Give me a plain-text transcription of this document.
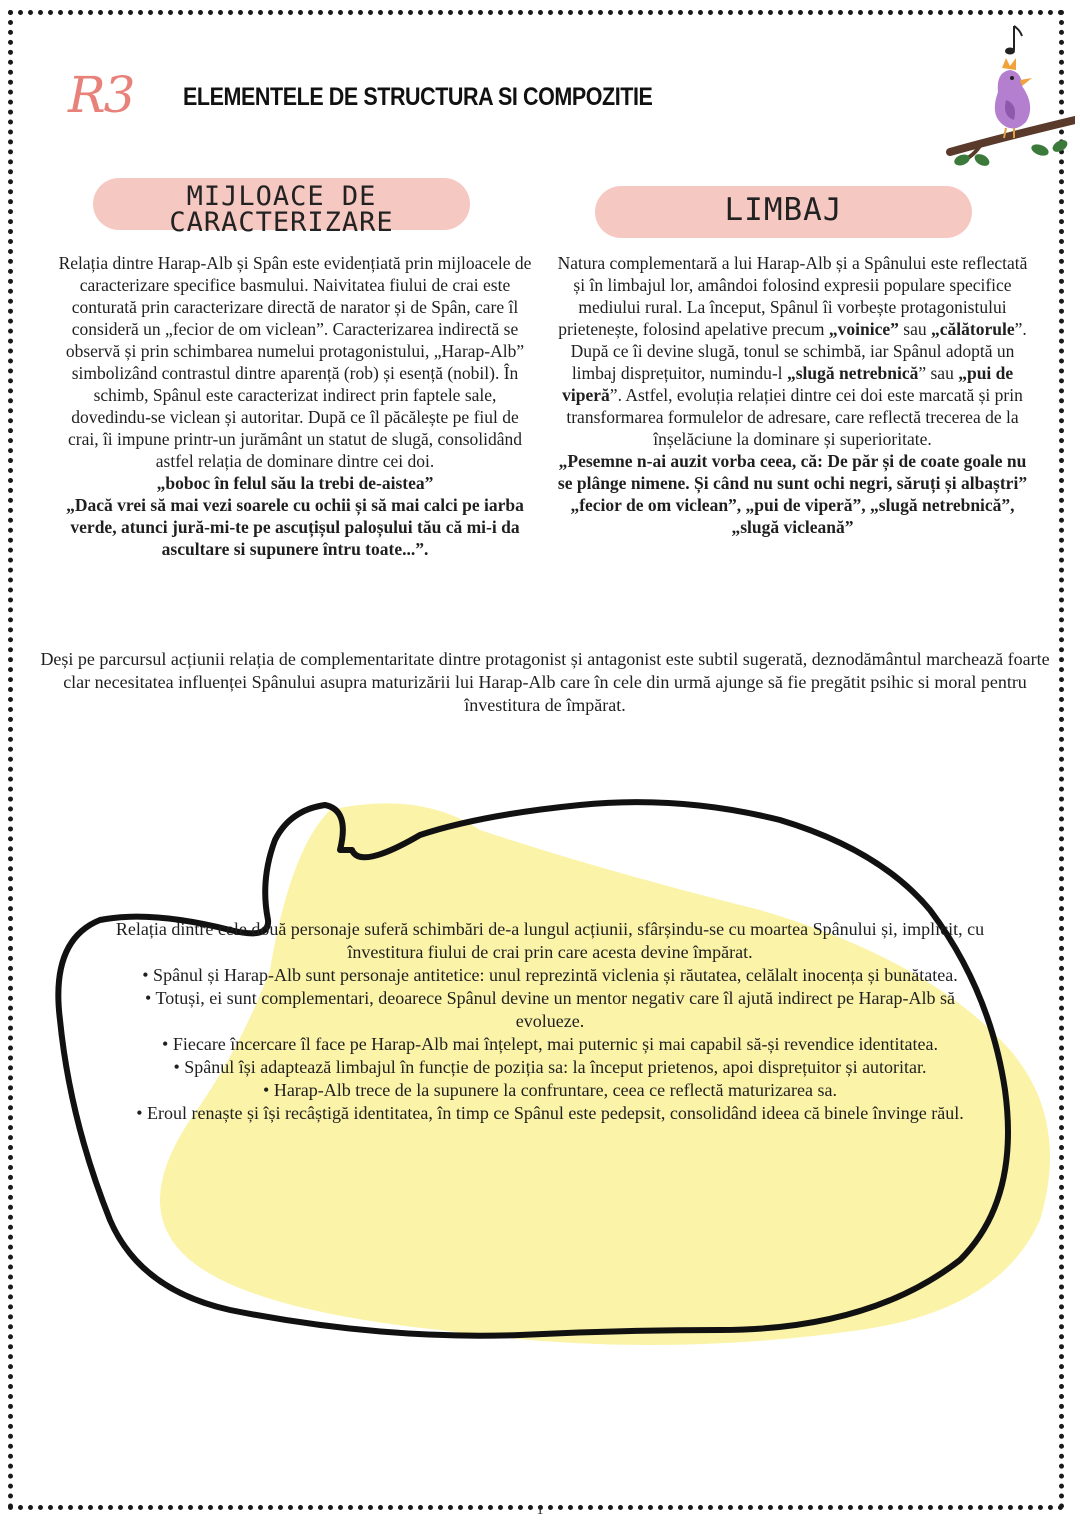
R3 ELEMENTELE DE STRUCTURA SI COMPOZITIE
MIJLOACE DE
CARACTERIZARE	LIMBAJ

Relația dintre Harap-Alb și Spân este evidențiată prin mijloacele de caracterizare specifice basmului. Naivitatea fiului de crai este conturată prin caracterizare directă de narator și de Spân, care îl consideră un „fecior de om viclean”. Caracterizarea indirectă se observă și prin schimbarea numelui protagonistului, „Harap-Alb” simbolizând contrastul dintre aparență (rob) și esență (nobil). În schimb, Spânul este caracterizat indirect prin faptele sale, dovedindu-se viclean și autoritar. După ce îl păcălește pe fiul de crai, îi impune printr-un jurământ un statut de slugă, consolidând astfel relația de dominare dintre cei doi.

„boboc în felul său la trebi de-aistea”

„Dacă vrei să mai vezi soarele cu ochii și să mai calci pe iarba verde, atunci jură-mi-te pe ascuțișul paloșului tău că mi-i da ascultare si supunere întru toate...”.

Natura complementară a lui Harap-Alb și a Spânului este reflectată și în limbajul lor, amândoi folosind expresii populare specifice mediului rural. La început, Spânul îi vorbește protagonistului prietenește, folosind apelative precum „voinice” sau „călătorule”. După ce îi devine slugă, tonul se schimbă, iar Spânul adoptă un limbaj disprețuitor, numindu-l „slugă netrebnică” sau „pui de viperă”. Astfel, evoluția relației dintre cei doi este marcată și prin transformarea formulelor de adresare, care reflectă trecerea de la înșelăciune la dominare și superioritate.

„Pesemne n-ai auzit vorba ceea, că: De păr și de coate goale nu se plânge nimene. Și când nu sunt ochi negri, săruți și albaștri” „fecior de om viclean”, „pui de viperă”, „slugă netrebnică”, „slugă vicleană”

Deși pe parcursul acțiunii relația de complementaritate dintre protagonist și antagonist este subtil sugerată, deznodământul marchează foarte clar necesitatea influenței Spânului asupra maturizării lui Harap-Alb care în cele din urmă ajunge să fie pregătit psihic si moral pentru învestitura de împărat.
Relația dintre cele două personaje suferă schimbări de-a lungul acțiunii, sfârșindu-se cu moartea Spânului și, implicit, cu învestitura fiului de crai prin care acesta devine împărat.
• Spânul și Harap-Alb sunt personaje antitetice: unul reprezintă viclenia și răutatea, celălalt inocența și bunătatea.
• Totuși, ei sunt complementari, deoarece Spânul devine un mentor negativ care îl ajută indirect pe Harap-Alb să evolueze.
• Fiecare încercare îl face pe Harap-Alb mai înțelept, mai puternic și mai capabil să-și revendice identitatea.
• Spânul își adaptează limbajul în funcție de poziția sa: la început prietenos, apoi disprețuitor și autoritar.
• Harap-Alb trece de la supunere la confruntare, ceea ce reflectă maturizarea sa.
• Eroul renaște și își recâștigă identitatea, în timp ce Spânul este pedepsit, consolidând ideea că binele învinge răul.
1
